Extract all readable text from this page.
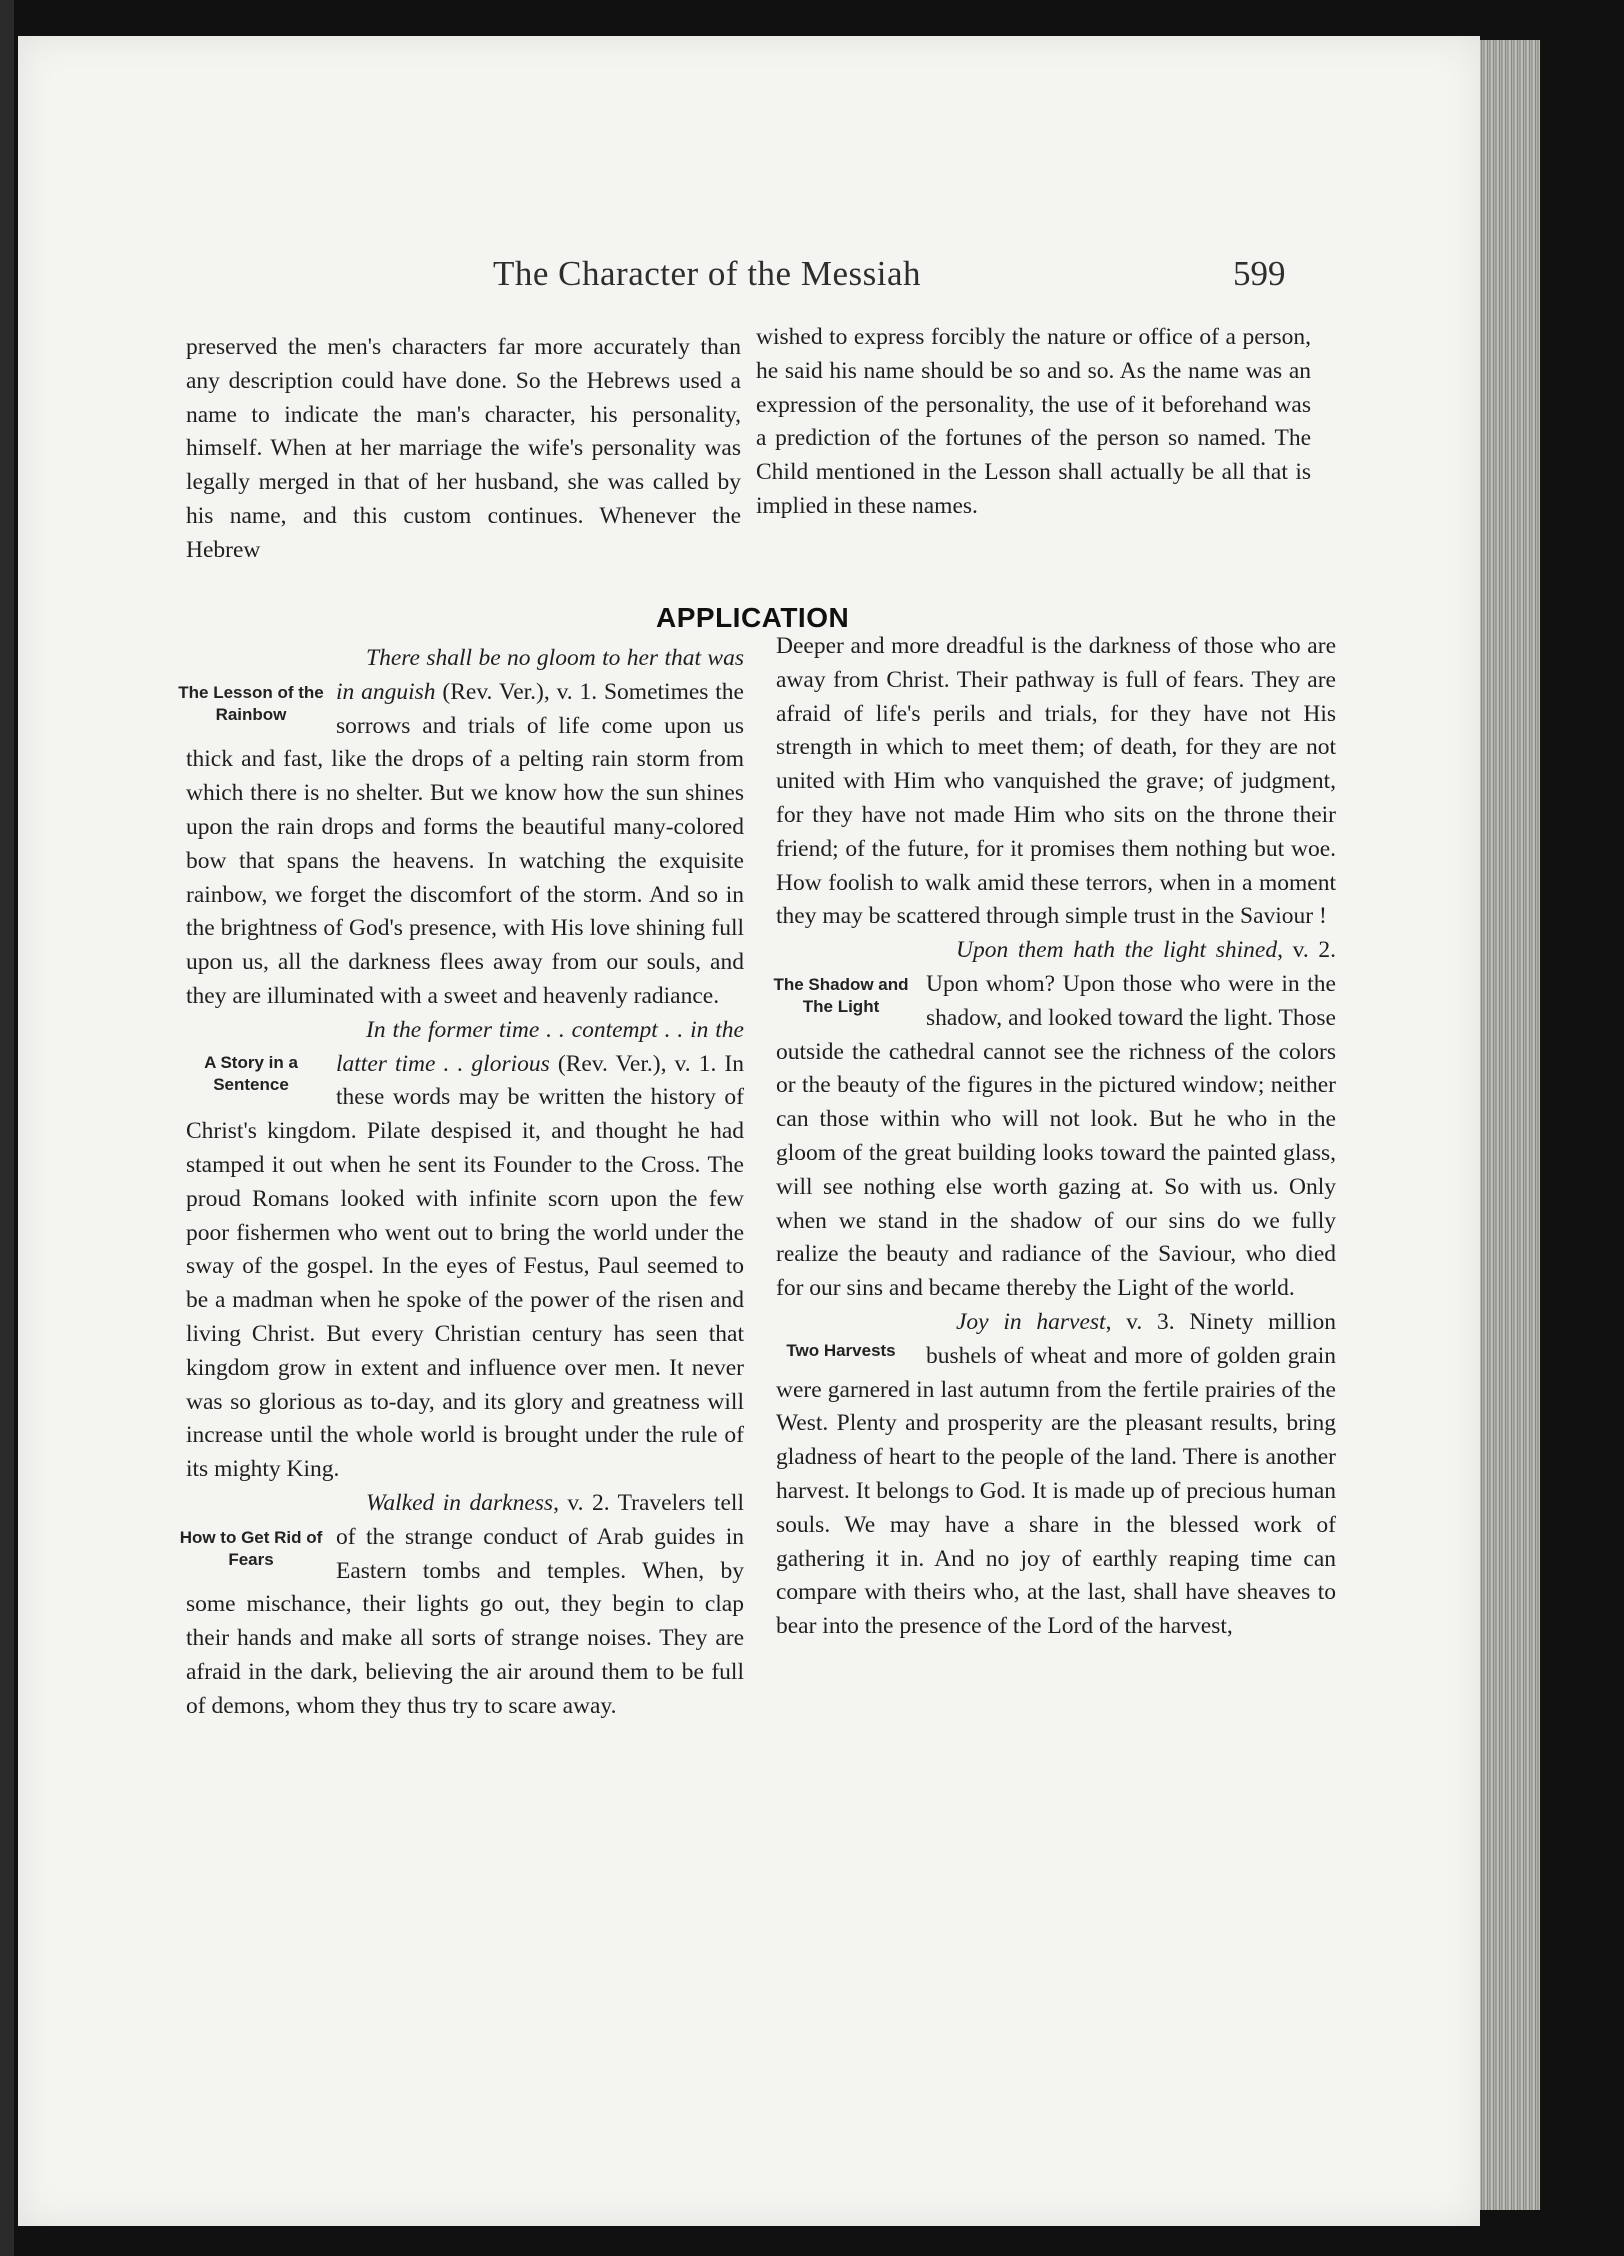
The Character of the Messiah	599

preserved the men's characters far more accurately than any description could have done. So the Hebrews used a name to indicate the man's character, his personality, himself. When at her marriage the wife's personality was legally merged in that of her husband, she was called by his name, and this custom continues. Whenever the Hebrew

wished to express forcibly the nature or office of a person, he said his name should be so and so. As the name was an expression of the personality, the use of it beforehand was a prediction of the fortunes of the person so named. The Child mentioned in the Lesson shall actually be all that is implied in these names.

APPLICATION

The Lesson of the Rainbow
There shall be no gloom to her that was in anguish (Rev. Ver.), v. 1. Sometimes the sorrows and trials of life come upon us thick and fast, like the drops of a pelting rain storm from which there is no shelter. But we know how the sun shines upon the rain drops and forms the beautiful many-colored bow that spans the heavens. In watching the exquisite rainbow, we forget the discomfort of the storm. And so in the brightness of God's presence, with His love shining full upon us, all the darkness flees away from our souls, and they are illuminated with a sweet and heavenly radiance.

A Story in a Sentence
In the former time . . contempt . . in the latter time . . glorious (Rev. Ver.), v. 1. In these words may be written the history of Christ's kingdom. Pilate despised it, and thought he had stamped it out when he sent its Founder to the Cross. The proud Romans looked with infinite scorn upon the few poor fishermen who went out to bring the world under the sway of the gospel. In the eyes of Festus, Paul seemed to be a madman when he spoke of the power of the risen and living Christ. But every Christian century has seen that kingdom grow in extent and influence over men. It never was so glorious as to-day, and its glory and greatness will increase until the whole world is brought under the rule of its mighty King.

How to Get Rid of Fears
Walked in darkness, v. 2. Travelers tell of the strange conduct of Arab guides in Eastern tombs and temples. When, by some mischance, their lights go out, they begin to clap their hands and make all sorts of strange noises. They are afraid in the dark, believing the air around them to be full of demons, whom they thus try to scare away.

Deeper and more dreadful is the darkness of those who are away from Christ. Their pathway is full of fears. They are afraid of life's perils and trials, for they have not His strength in which to meet them; of death, for they are not united with Him who vanquished the grave; of judgment, for they have not made Him who sits on the throne their friend; of the future, for it promises them nothing but woe. How foolish to walk amid these terrors, when in a moment they may be scattered through simple trust in the Saviour !

The Shadow and The Light
Upon them hath the light shined, v. 2. Upon whom? Upon those who were in the shadow, and looked toward the light. Those outside the cathedral cannot see the richness of the colors or the beauty of the figures in the pictured window; neither can those within who will not look. But he who in the gloom of the great building looks toward the painted glass, will see nothing else worth gazing at. So with us. Only when we stand in the shadow of our sins do we fully realize the beauty and radiance of the Saviour, who died for our sins and became thereby the Light of the world.

Two Harvests
Joy in harvest, v. 3. Ninety million bushels of wheat and more of golden grain were garnered in last autumn from the fertile prairies of the West. Plenty and prosperity are the pleasant results, bring gladness of heart to the people of the land. There is another harvest. It belongs to God. It is made up of precious human souls. We may have a share in the blessed work of gathering it in. And no joy of earthly reaping time can compare with theirs who, at the last, shall have sheaves to bear into the presence of the Lord of the harvest,
